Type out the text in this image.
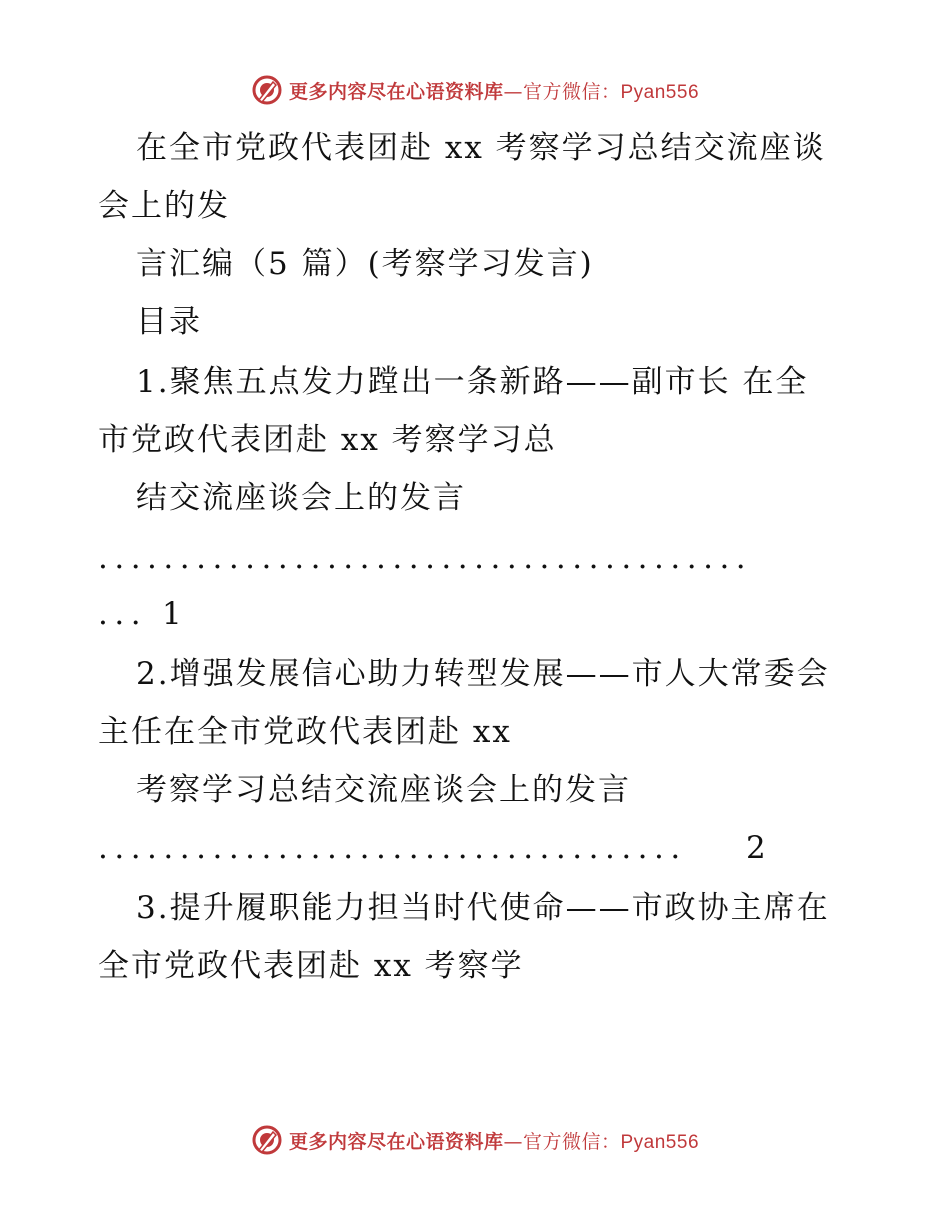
更多内容尽在心语资料库—官方微信：Pyan556
在全市党政代表团赴 xx 考察学习总结交流座谈
会上的发
言汇编（5 篇）(考察学习发言)
目录
1.聚焦五点发力蹚出一条新路——副市长 在全
市党政代表团赴 xx 考察学习总
结交流座谈会上的发言
........................................
... 1
2.增强发展信心助力转型发展——市人大常委会
主任在全市党政代表团赴 xx
考察学习总结交流座谈会上的发言
.................................... 2
3.提升履职能力担当时代使命——市政协主席在
全市党政代表团赴 xx 考察学
更多内容尽在心语资料库—官方微信：Pyan556
